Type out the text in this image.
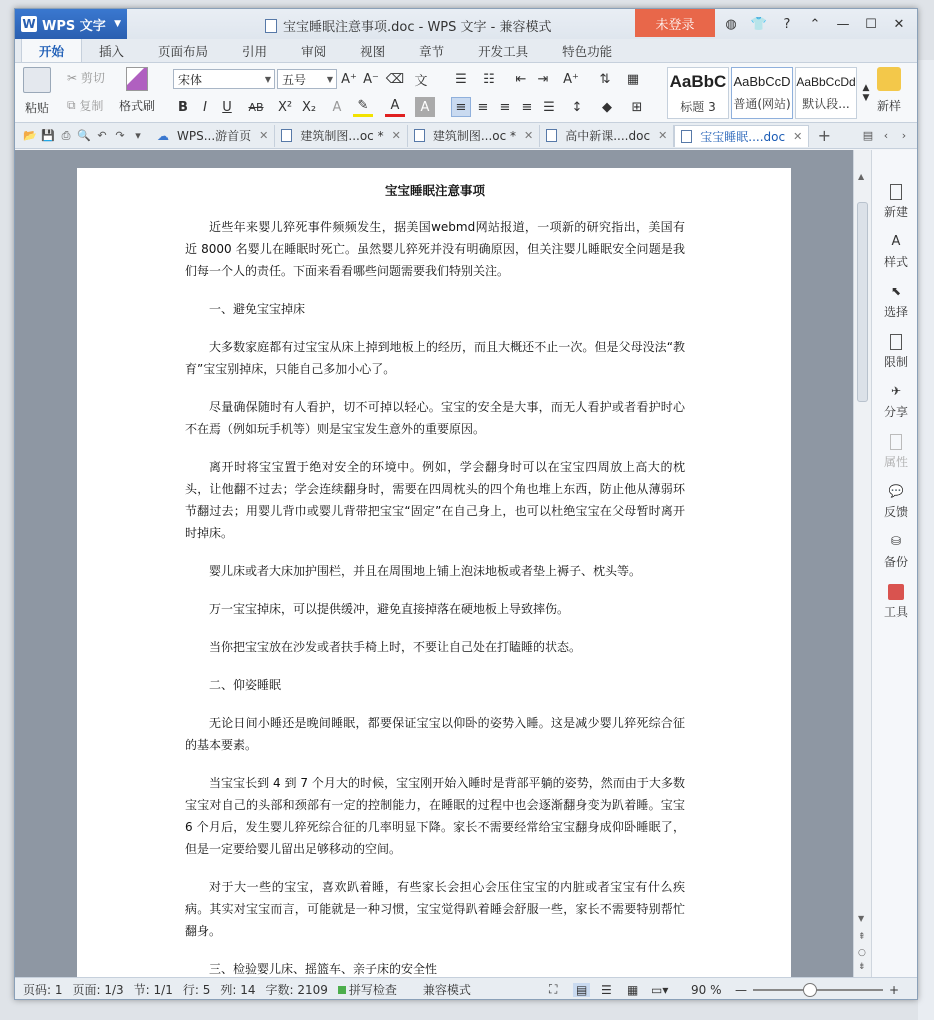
W WPS 文字 ▼	宝宝睡眠注意事项.doc - WPS 文字 - 兼容模式	未登录	◍	👕	?	⌃	—	☐	✕
开始	插入	页面布局	引用	审阅	视图	章节	开发工具	特色功能
粘贴
✂ 剪切
⧉ 复制 格式刷
宋体	▼ 五号	▼ A⁺ A⁻ ⌫ 文
B	I	U	AB	X² X₂	A	✎	A	A
☰	☷	⇤ ⇥	A⁺	⇅	▦
≡ ≡ ≡ ≡ ☰	↕	◆	⊞
AaBbC
标题 3
AaBbCcD
普通(网站)
AaBbCcDd
默认段...
▲
▼
新样
📂 💾 ⎙ 🔍 ↶ ↷ ▾	☁ WPS...游首页 ✕	建筑制图...oc * ✕	建筑制图...oc * ✕	高中新课....doc ✕	宝宝睡眠....doc ✕ +	▤ ‹	›
宝宝睡眠注意事项

近些年来婴儿猝死事件频频发生，据美国webmd网站报道，一项新的研究指出，美国有近 8000 名婴儿在睡眠时死亡。虽然婴儿猝死并没有明确原因，但关注婴儿睡眠安全问题是我们每一个人的责任。下面来看看哪些问题需要我们特别关注。

一、避免宝宝掉床

大多数家庭都有过宝宝从床上掉到地板上的经历，而且大概还不止一次。但是父母没法“教育”宝宝别掉床，只能自己多加小心了。

尽量确保随时有人看护，切不可掉以轻心。宝宝的安全是大事，而无人看护或者看护时心不在焉（例如玩手机等）则是宝宝发生意外的重要原因。

离开时将宝宝置于绝对安全的环境中。例如，学会翻身时可以在宝宝四周放上高大的枕头，让他翻不过去；学会连续翻身时，需要在四周枕头的四个角也堆上东西，防止他从薄弱环节翻过去；用婴儿背巾或婴儿背带把宝宝“固定”在自己身上，也可以杜绝宝宝在父母暂时离开时掉床。

婴儿床或者大床加护围栏，并且在周围地上铺上泡沫地板或者垫上褥子、枕头等。

万一宝宝掉床，可以提供缓冲，避免直接掉落在硬地板上导致摔伤。

当你把宝宝放在沙发或者扶手椅上时，不要让自己处在打瞌睡的状态。

二、仰姿睡眠

无论日间小睡还是晚间睡眠，都要保证宝宝以仰卧的姿势入睡。这是减少婴儿猝死综合征的基本要素。

当宝宝长到 4 到 7 个月大的时候，宝宝刚开始入睡时是背部平躺的姿势，然而由于大多数宝宝对自己的头部和颈部有一定的控制能力，在睡眠的过程中也会逐渐翻身变为趴着睡。宝宝 6 个月后，发生婴儿猝死综合征的几率明显下降。家长不需要经常给宝宝翻身成仰卧睡眠了，但是一定要给婴儿留出足够移动的空间。

对于大一些的宝宝，喜欢趴着睡，有些家长会担心会压住宝宝的内脏或者宝宝有什么疾病。其实对宝宝而言，可能就是一种习惯，宝宝觉得趴着睡会舒服一些，家长不需要特别帮忙翻身。

三、检验婴儿床、摇篮车、亲子床的安全性

▲
▼
⇞
○
⇟
新建
A
样式
⬉
选择
限制
✈
分享
属性
💬
反馈
⛁
备份
工具
页码: 1 页面: 1/3 节: 1/1 行: 5 列: 14 字数: 2109	拼写检查	兼容模式	⛶ ▤ ☰ ▦ ▭▾ 90 % —	+
